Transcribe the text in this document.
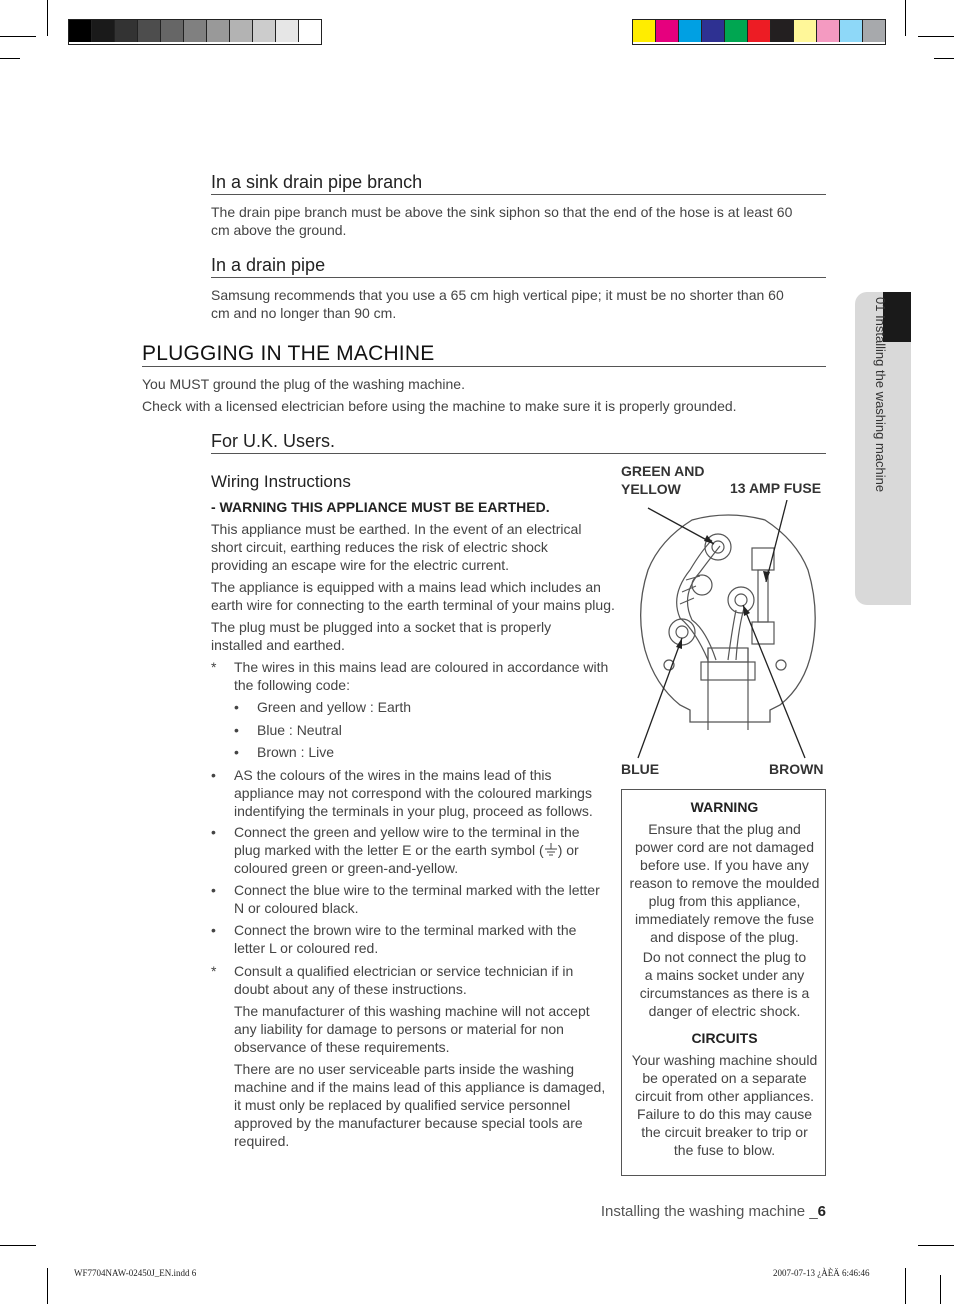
01 Installing the washing machine
In a sink drain pipe branch

The drain pipe branch must be above the sink siphon so that the end of the hose is at least 60
cm above the ground.

In a drain pipe

Samsung recommends that you use a 65 cm high vertical pipe; it must be no shorter than 60
cm and no longer than 90 cm.

PLUGGING IN THE MACHINE

You MUST ground the plug of the washing machine.

Check with a licensed electrician before using the machine to make sure it is properly grounded.

For U.K. Users.
Wiring Instructions

- WARNING THIS APPLIANCE MUST BE EARTHED.

This appliance must be earthed. In the event of an electrical
short circuit, earthing reduces the risk of electric shock
providing an escape wire for the electric current.

The appliance is equipped with a mains lead which includes an
earth wire for connecting to the earth terminal of your mains plug.

The plug must be plugged into a socket that is properly
installed and earthed.

* The wires in this mains lead are coloured in accordance with
the following code:
• Green and yellow : Earth
• Blue : Neutral
• Brown : Live
• AS the colours of the wires in the mains lead of this
appliance may not correspond with the coloured markings
indentifying the terminals in your plug, proceed as follows.
• Connect the green and yellow wire to the terminal in the
plug marked with the letter E or the earth symbol ( ) or
coloured green or green-and-yellow.
• Connect the blue wire to the terminal marked with the letter
N or coloured black.
• Connect the brown wire to the terminal marked with the
letter L or coloured red.
* Consult a qualified electrician or service technician if in
doubt about any of these instructions.

The manufacturer of this washing machine will not accept
any liability for damage to persons or material for non
observance of these requirements.

There are no user serviceable parts inside the washing
machine and if the mains lead of this appliance is damaged,
it must only be replaced by qualified service personnel
approved by the manufacturer because special tools are
required.

GREEN AND
YELLOW	13 AMP FUSE
BLUE	BROWN

WARNING

Ensure that the plug and
power cord are not damaged
before use. If you have any
reason to remove the moulded
plug from this appliance,
immediately remove the fuse
and dispose of the plug.

Do not connect the plug to
a mains socket under any
circumstances as there is a
danger of electric shock.

CIRCUITS

Your washing machine should
be operated on a separate
circuit from other appliances.
Failure to do this may cause
the circuit breaker to trip or
the fuse to blow.

Installing the washing machine _6
WF7704NAW-02450J_EN.indd 6	2007-07-13 ¿ÀÈÄ 6:46:46
